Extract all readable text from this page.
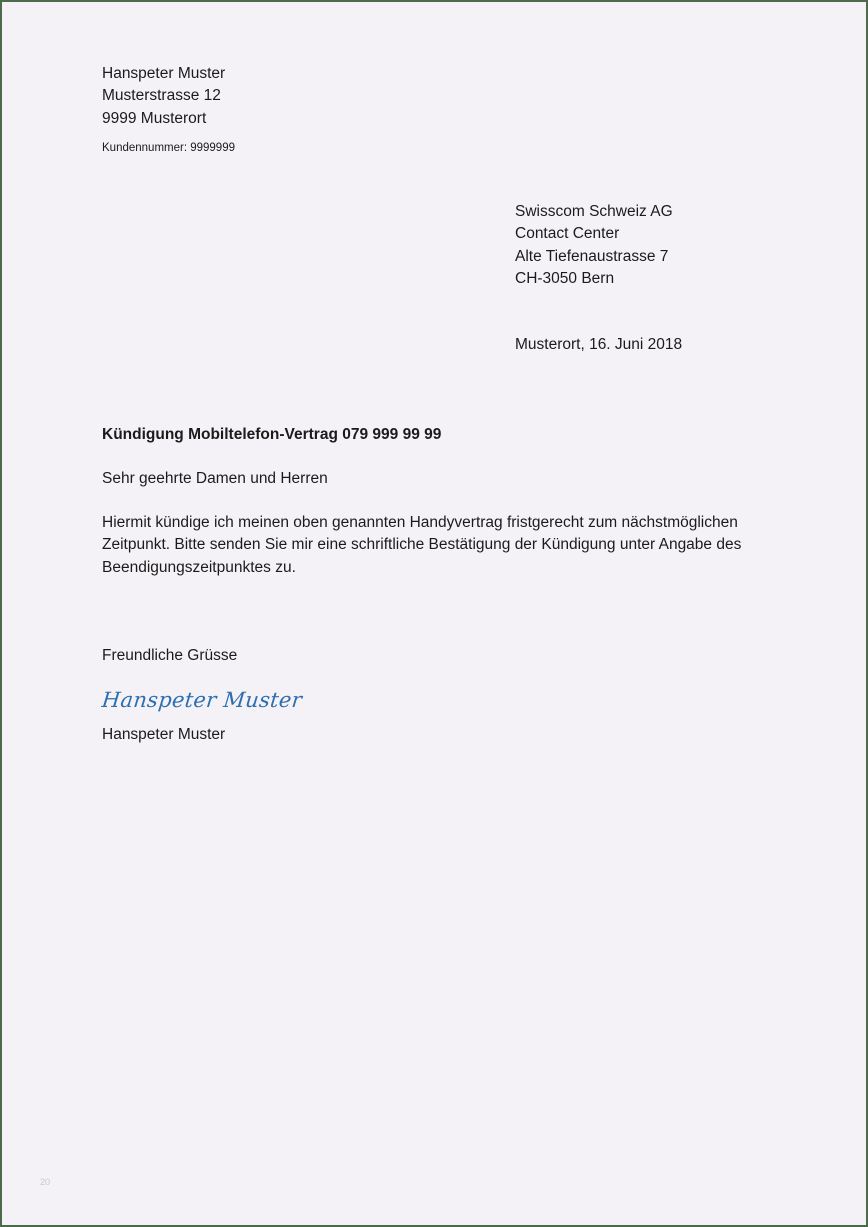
Hanspeter Muster
Musterstrasse 12
9999 Musterort
Kundennummer: 9999999
Swisscom Schweiz AG
Contact Center
Alte Tiefenaustrasse 7
CH-3050 Bern
Musterort, 16. Juni 2018
Kündigung Mobiltelefon-Vertrag 079 999 99 99
Sehr geehrte Damen und Herren
Hiermit kündige ich meinen oben genannten Handyvertrag fristgerecht zum nächstmöglichen
Zeitpunkt. Bitte senden Sie mir eine schriftliche Bestätigung der Kündigung unter Angabe des
Beendigungszeitpunktes zu.
Freundliche Grüsse
Hanspeter Muster
Hanspeter Muster
20
